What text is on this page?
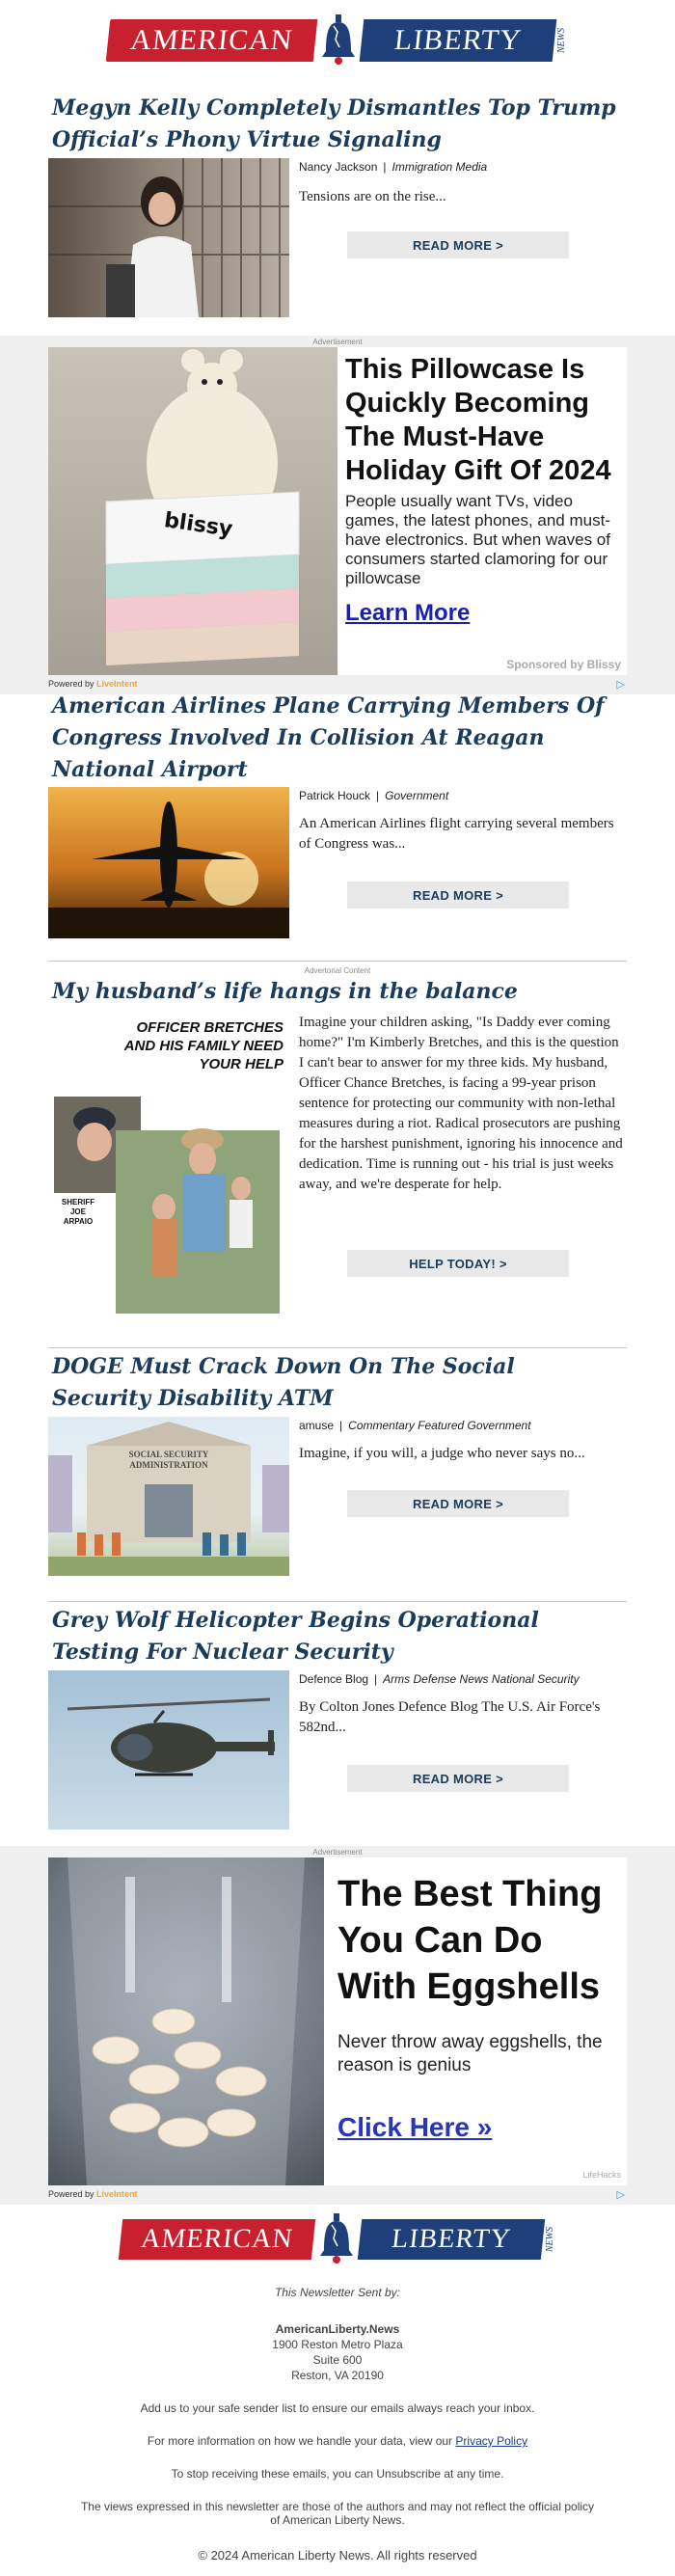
AMERICAN	LIBERTY	NEWS
Megyn Kelly Completely Dismantles Top Trump Official’s Phony Virtue Signaling
Nancy Jackson | Immigration Media

Tensions are on the rise...

READ MORE >
Advertisement
blissy
This Pillowcase Is Quickly Becoming The Must-Have Holiday Gift Of 2024
People usually want TVs, video games, the latest phones, and must-have electronics. But when waves of consumers started clamoring for our pillowcase
Learn More
Sponsored by Blissy
Powered by LiveIntent	▷
American Airlines Plane Carrying Members Of Congress Involved In Collision At Reagan National Airport
Patrick Houck | Government

An American Airlines flight carrying several members of Congress was...

READ MORE >
Advertorial Content
My husband’s life hangs in the balance
OFFICER BRETCHES AND HIS FAMILY NEED YOUR HELP
SHERIFF JOE ARPAIO

Imagine your children asking, "Is Daddy ever coming home?" I'm Kimberly Bretches, and this is the question I can't bear to answer for my three kids. My husband, Officer Chance Bretches, is facing a 99-year prison sentence for protecting our community with non-lethal measures during a riot. Radical prosecutors are pushing for the harshest punishment, ignoring his innocence and dedication. Time is running out - his trial is just weeks away, and we're desperate for help.

HELP TODAY! >
DOGE Must Crack Down On The Social Security Disability ATM
SOCIAL SECURITY ADMINISTRATION
amuse | Commentary Featured Government

Imagine, if you will, a judge who never says no...

READ MORE >
Grey Wolf Helicopter Begins Operational Testing For Nuclear Security
Defence Blog | Arms Defense News National Security

By Colton Jones Defence Blog The U.S. Air Force's 582nd...

READ MORE >
Advertisement
The Best Thing You Can Do With Eggshells
Never throw away eggshells, the reason is genius
Click Here »
LifeHacks
Powered by LiveIntent	▷
AMERICAN	LIBERTY	NEWS

This Newsletter Sent by:

AmericanLiberty.News

1900 Reston Metro Plaza

Suite 600

Reston, VA 20190

Add us to your safe sender list to ensure our emails always reach your inbox.

For more information on how we handle your data, view our Privacy Policy

To stop receiving these emails, you can Unsubscribe at any time.

The views expressed in this newsletter are those of the authors and may not reflect the official policy of American Liberty News.

© 2024 American Liberty News. All rights reserved
